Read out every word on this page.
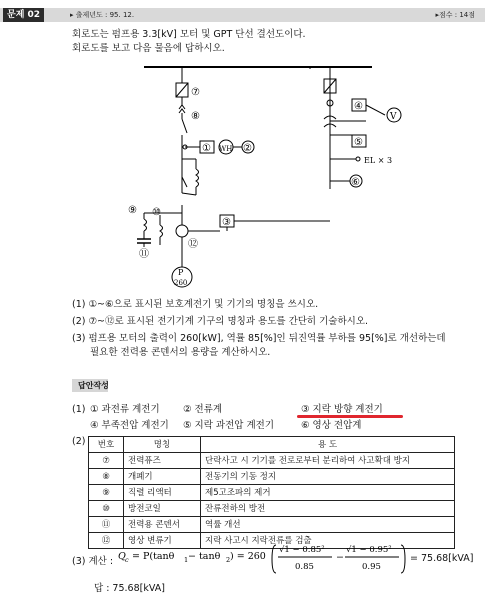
문제 02	▸ 출제년도 : 95. 12.	▸점수 : 14점
회로도는 펌프용 3.3[kV] 모터 및 GPT 단선 결선도이다.
회로도를 보고 다음 물음에 답하시오.
⑦
⑧
① WH ②
⑨ ⑩
⑪
⑫
③
④
V
⑤
EL × 3
⑥
P
260
(1) ①~⑥으로 표시된 보호계전기 및 기기의 명칭을 쓰시오.
(2) ⑦~⑫로 표시된 전기기계 기구의 명칭과 용도를 간단히 기술하시오.
(3) 펌프용 모터의 출력이 260[kW], 역률 85[%]인 뒤진역률 부하를 95[%]로 개선하는데
필요한 전력용 콘덴서의 용량을 계산하시오.
답안작성
(1) ① 과전류 계전기 ② 전류계	③ 지락 방향 계전기
④ 부족전압 계전기 ⑤ 지락 과전압 계전기	⑥ 영상 전압계
(2) 번호	명칭	용 도
⑦	전력퓨즈	단락사고 시 기기를 전로로부터 분리하여 사고확대 방지
⑧	개폐기	전동기의 기동 정지
⑨	직렬 리액터	제5고조파의 제거
⑩	방전코일	잔류전하의 방전
⑪	전력용 콘덴서	역률 개선
⑫	영상 변류기	지락 사고시 지락전류를 검출
(3) 계산 : Q c = P(tanθ 1 − tanθ 2 ) = 260
√1 − 0.85²
0.85
−
√1 − 0.95²
0.95
= 75.68[kVA]
답 : 75.68[kVA]
